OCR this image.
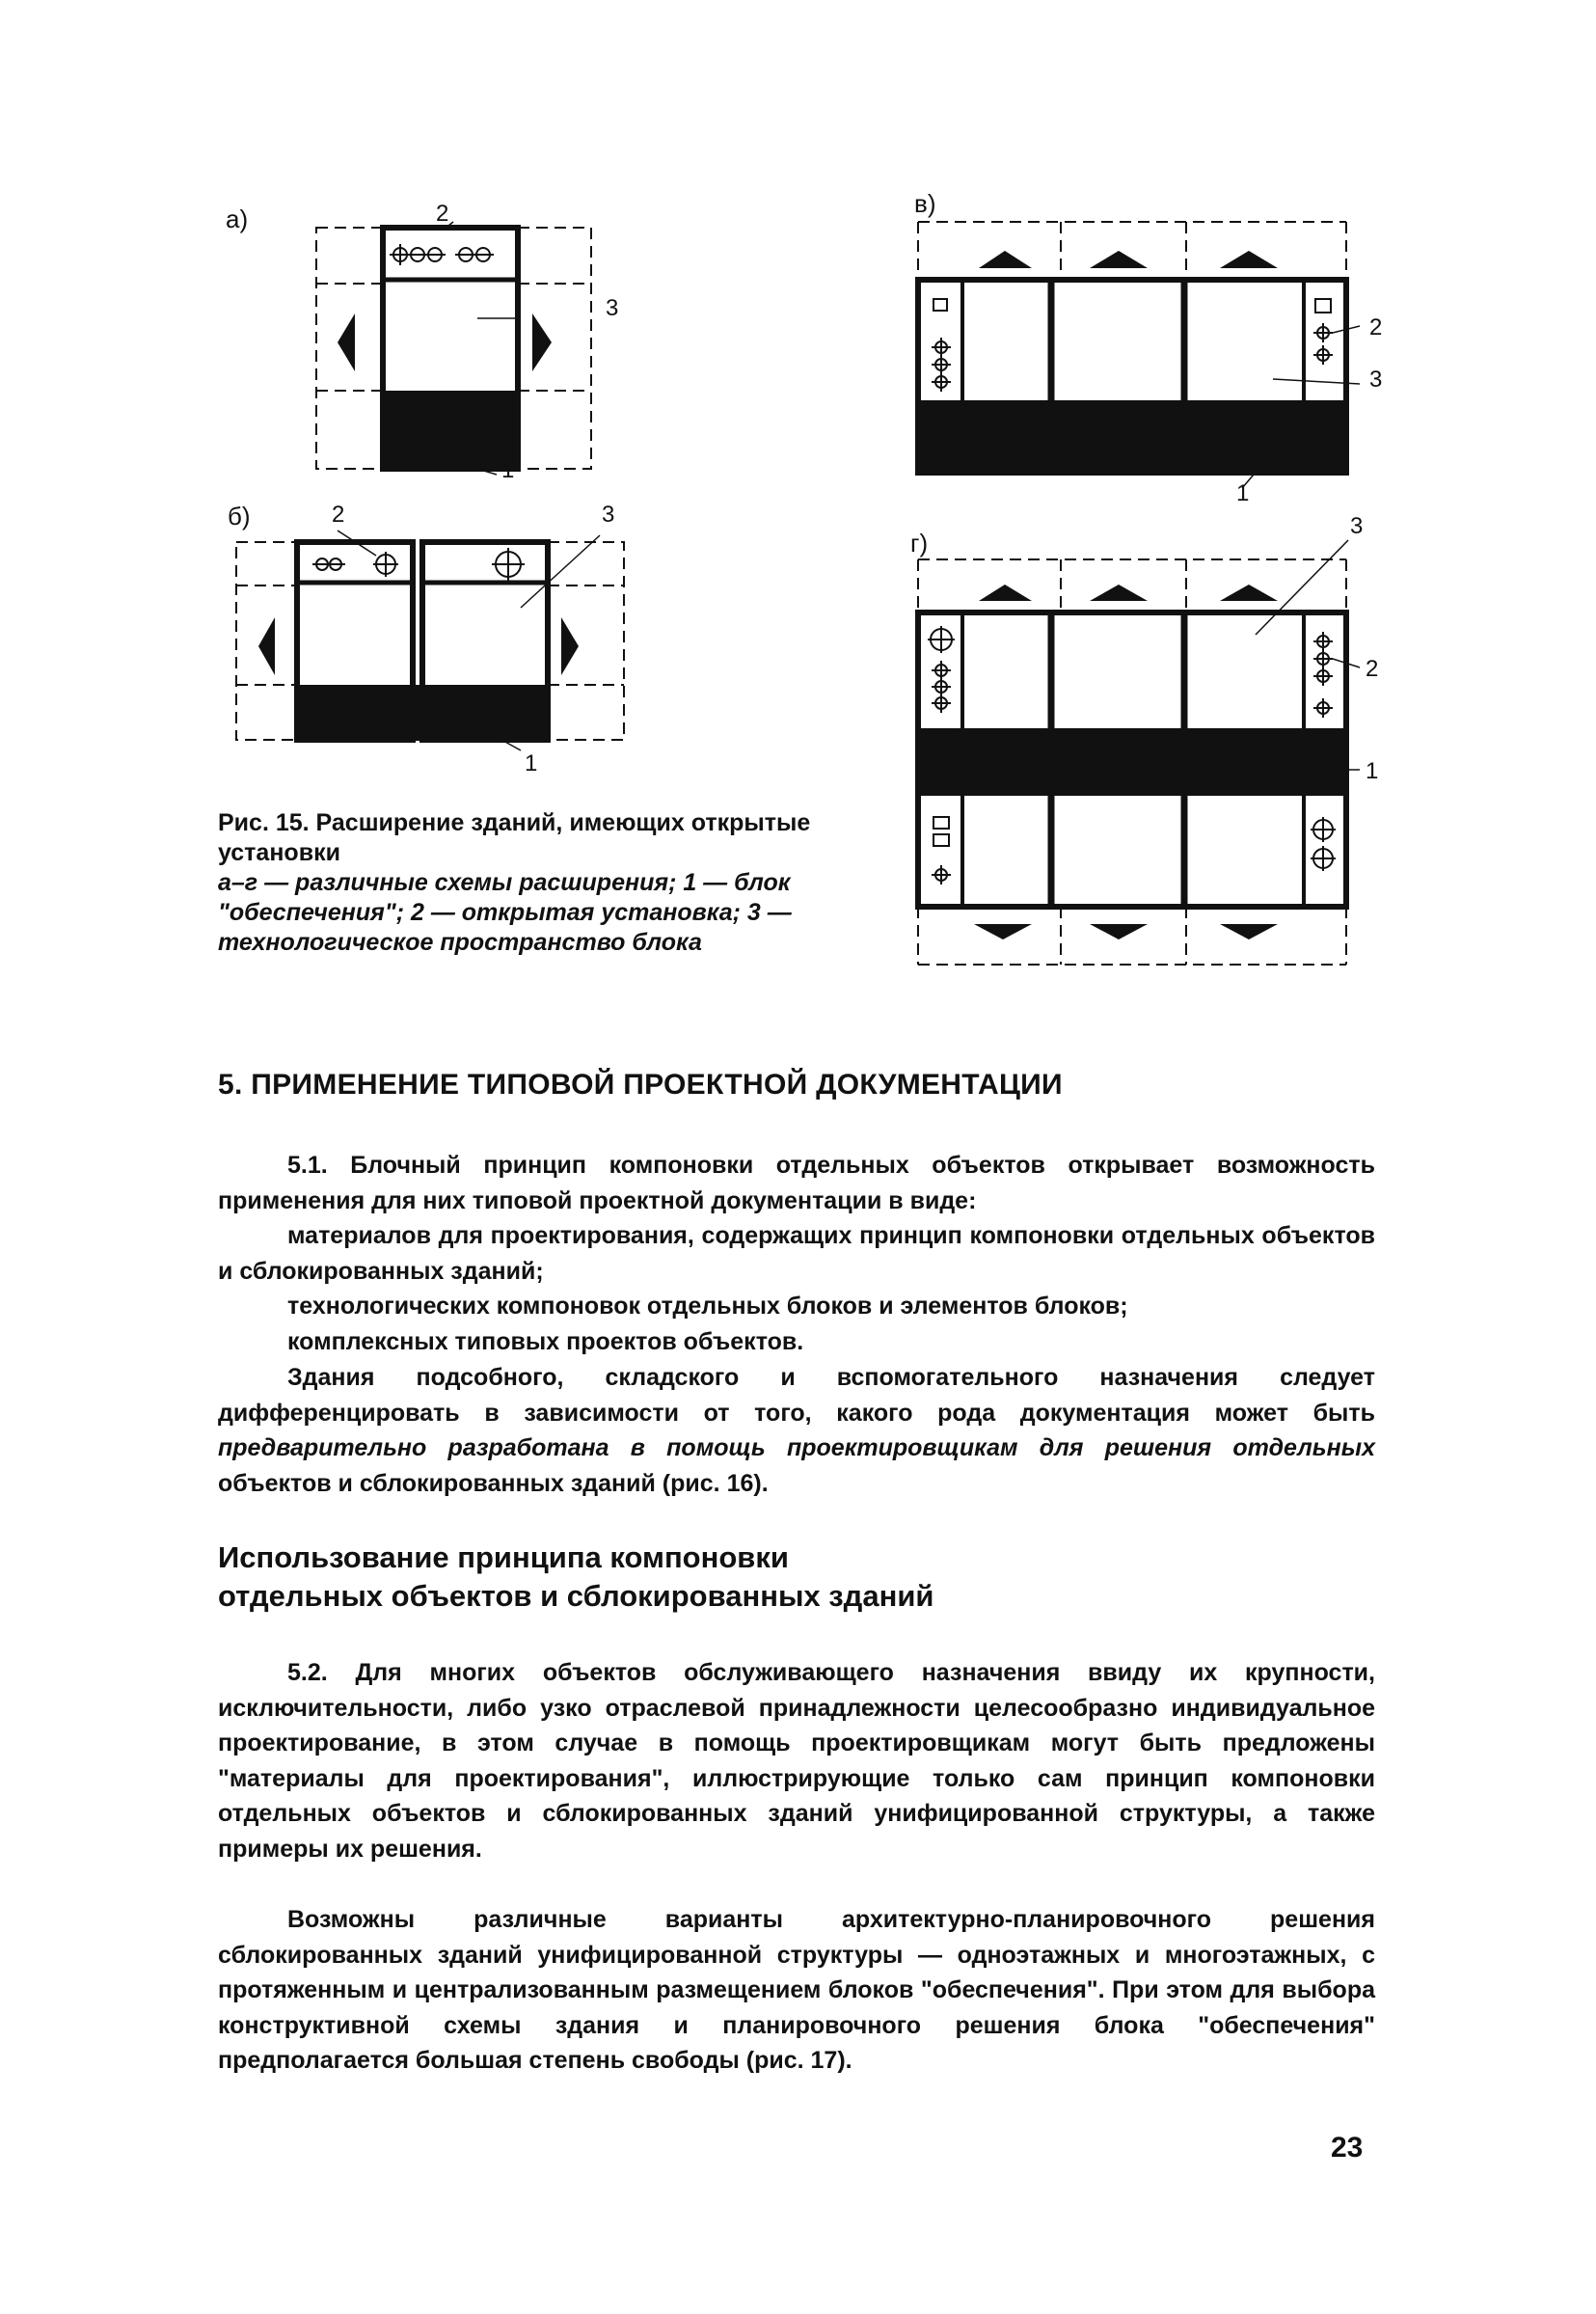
а)	2
3
1
б)	2	3
1
в)
2
3
1
г)
3
2
1
Рис. 15. Расширение зданий, имеющих открытые установки
а–г — различные схемы расширения; 1 — блок "обеспечения"; 2 — открытая установка; 3 — технологическое пространство блока
5. ПРИМЕНЕНИЕ ТИПОВОЙ ПРОЕКТНОЙ ДОКУМЕНТАЦИИ

5.1. Блочный принцип компоновки отдельных объектов открывает возможность применения для них типовой проектной документации в виде:

материалов для проектирования, содержащих принцип компоновки отдельных объектов и сблокированных зданий;

технологических компоновок отдельных блоков и элементов блоков;

комплексных типовых проектов объектов.

Здания подсобного, складского и вспомогательного назначения следует дифференцировать в зависимости от того, какого рода документация может быть предварительно разработана в помощь проектировщикам для решения отдельных объектов и сблокированных зданий (рис. 16).

Использование принципа компоновки
отдельных объектов и сблокированных зданий

5.2. Для многих объектов обслуживающего назначения ввиду их крупности, исключительности, либо узко отраслевой принадлежности целесообразно индивидуальное проектирование, в этом случае в помощь проектировщикам могут быть предложены "материалы для проектирования", иллюстрирующие только сам принцип компоновки отдельных объектов и сблокированных зданий унифицированной структуры, а также примеры их решения.

Возможны различные варианты архитектурно-планировочного решения сблокированных зданий унифицированной структуры — одноэтажных и многоэтажных, с протяженным и централизованным размещением блоков "обеспечения". При этом для выбора конструктивной схемы здания и планировочного решения блока "обеспечения" предполагается большая степень свободы (рис. 17).

23
